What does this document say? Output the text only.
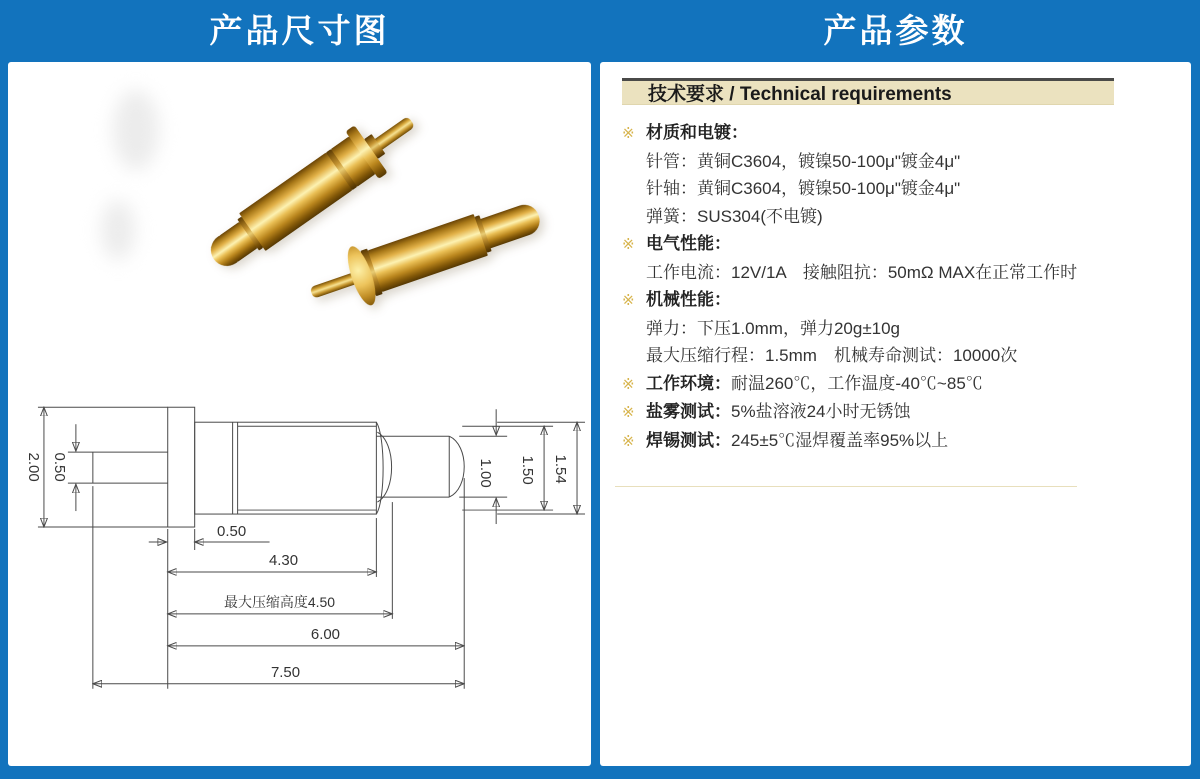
产品尺寸图	产品参数
2.00 0.50	1.00 1.50 1.54
0.50
4.30
最大压缩高度4.50
6.00
7.50
技术要求 / Technical requirements
※ 材质和电镀：
针管：黄铜C3604，镀镍50-100μ"镀金4μ"
针轴：黄铜C3604，镀镍50-100μ"镀金4μ"
弹簧：SUS304(不电镀)
※ 电气性能：
工作电流：12V/1A　接触阻抗：50mΩ MAX在正常工作时
※ 机械性能：
弹力：下压1.0mm，弹力20g±10g
最大压缩行程：1.5mm　机械寿命测试：10000次
※ 工作环境：耐温260℃，工作温度-40℃~85℃
※ 盐雾测试：5%盐溶液24小时无锈蚀
※ 焊锡测试：245±5℃湿焊覆盖率95%以上
